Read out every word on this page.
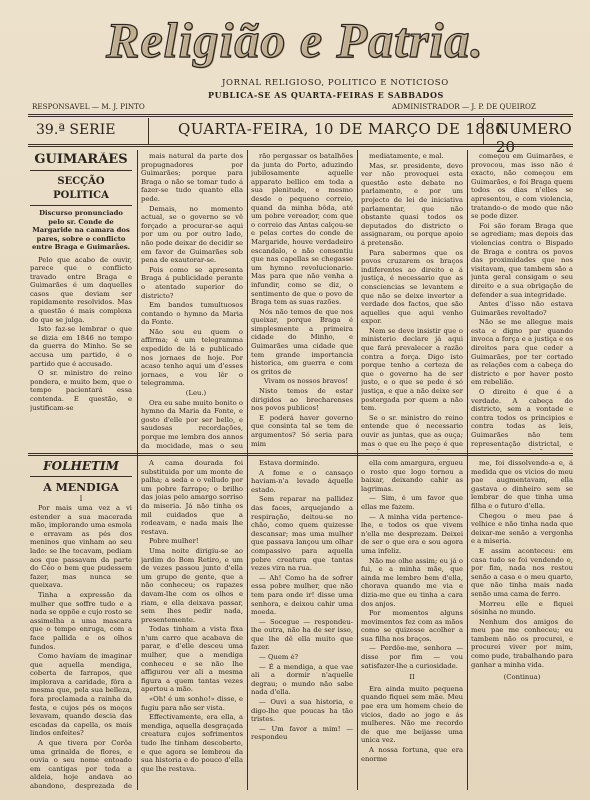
Religião e Patria.
JORNAL RELIGIOSO, POLITICO E NOTICIOSO
PUBLICA-SE AS QUARTA-FEIRAS E SABBADOS
RESPONSAVEL — M. J. PINTO	ADMINISTRADOR — J. P. DE QUEIROZ
39.ª SERIE	QUARTA-FEIRA, 10 DE MARÇO DE 1886
NUMERO 20
GUIMARÃES
SECÇÃO POLITICA
Discurso pronunciado pelo sr. Conde de Margaride na camara dos pares, sobre o conflicto entre Braga e Guimarães.

Pelo que acabo de ouvir, parece que o conflicto travado entre Braga e Guimarães é um daquelles casos que deviam ser rapidamente resolvidos. Mas a questão é mais complexa do que se julga.

Isto faz-se lembrar o que se dizia em 1846 no tempo da guerra do Minho. Se se accusa um partido, é o partido que é accusado.

O sr. ministro do reino pondera, e muito bem, que o tempo pacientará essa contenda. E questão, e justificam-se

mais natural da parte dos propugnadores por Guimarães; porque para Braga o não se tomar tudo á fazer-se tudo quanto ella pede.

Demais, no momento actual, se o governo se vê forçado a procurar-se aqui por um ou por outro lado, não pode deixar de decidir se em favor de Guimarães sob pena de exautorar-se.

Pois como se apresenta Braga á publicidade perante o atentado superior do districto?

Em bandos tumultuosos contando o hymno da Maria da Fonte.

Não sou eu quem o affirma; é um telegramma expedido de lá e publicado nos jornaes de hoje. Por acaso tenho aqui um d'esses jornaes, e vou lêr o telegramma.

(Leu.)

Ora eu sabe muito bonito o hymno da Maria da Fonte, e gosto d'elle por ser bello, e saudosas recordações, porque me lembra dos annos da mocidade, mas o seu

rão pergassar os batalhões da junta do Porto, aduzindo jubilosamente aquelle apparato bellico em toda a sua plenitude, e mesmo desde o pequeno correio, quand da minha bôda, até um pobre vereador, com que o correio das Antas calçou-se e pelas cortes do conde de Margaride, houve verdadeiro escandalo, e não consentiu que nas capellas se chegasse um hymno revolucionario. Mas para que não venha a infundir, como se diz, o sentimento de que o povo de Braga tem as suas razões.

Nós não temos de que nos queixar, porque Braga é simplesmente a primeira cidade do Minho, e Guimarães uma cidade que tem grande importancia historica, em guerra e com os gritos de

Vivam os nossos bravos!

Nisto temos de estar dirigidos ao brecharenses nos povos publicos!

E poderá haver governo que consinta tal se tem de argumentos? Só seria para mim

mediatamente, e mal.

Mas, sr. presidente, devo ver não provoquei esta questão este debate no parlamento, e por um projecto de lei de iniciativa parlamentar, que não obstante quasi todos os deputados do districto o assignaram, ou porque apoio á pretensão.

Para sabermos que os povos cruzarem os braços indiferentes ao direito e á justiça, é necessario que as consciencias se levantem e que não se deixe inverter a verdade dos factos, que são aquelles que aqui venho expor.

Nem se deve insistir que o ministerio declare já aqui que fará prevalecer a razão contra a força. Digo isto porque tenho a certeza de que o governo ha de ser justo, e o que se pede é só justiça, e que a não deixe ser postergada por quem a não tem.

Se o sr. ministro do reino entende que é necessario ouvir as juntas, que as ouça; mas o que eu lhe peço é que

começou em Guimarães, e provocou, mas isso não é exacto, não começou em Guimarães, e foi Braga quem todos os dias n'elles se apresentou, e com violencia, tratando-o de modo que não se pode dizer.

Foi são foram Braga que se agrediam; mas depois das violencias contra o Bispado de Braga e contra os povos das proximidades que nos visitavam, que tambem são a junta geral consigam o seu direito e a sua obrigação de defender a sua integridade.

Antes d'isso não estava Guimarães revoltado?

Não se me allegue mais esta e digno par quando invoca a força e a justiça e os direitos para que ceder a Guimarães, por ter cortado as relações com a cabeça do districto e por haver posto em rebelião.

O direito é que é a verdade. A cabeça do districto, sem a vontade e contra todos os principios e contra todas as leis, Guimarães não tem representação districtal, e

FOLHETIM
A MENDIGA
I

Por mais uma vez a vi estender a sua macerada mão, implorando uma esmola e erravam as pés dos meninos que vinham ao seu lado: se lhe tocavam, pediam aos que passavam da parte do Céo o bem que pudessem fazer, mas nunca se queixava.

Tinha a expressão da mulher que soffre tudo e a nada se oppõe e cujo rosto se assimelha a uma mascara que o tempo enruga, com a face pallida e os olhos fundos.

Como havíam de imaginar que aquella mendiga, coberta de farrapos, que implorava a caridade, fôra a mesma que, pela sua belleza, fora proclamada a rainha da festa, e cujos pés os moços levavam, quando descia das escadas da capella, os mais lindos enfeites?

A que tivera por Corôa uma grinalda de flores, e ouvia o seu nome entoado em cantigas por toda a aldeia, hoje andava ao abandono, desprezada de

A cama dourada foi substituida por um monte de palha; a seda e o velludo por um pobre farrapo; o brilho das joias pelo amargo sorriso da miseria. Já não tinha os mil cuidados que a rodeavam, e nada mais lhe restava.

Pobre mulher!

Uma noite dirigiu-se ao jardim do Bom Retiro, e um de vezes passou junto d'ella um grupo de gente, que a não conheceu; os rapazes davam-lhe com os olhos e riam, e ella deixava passar, sem lhes pedir nada, presentemente.

Todas tinham a vista fixa n'um carro que acabava de parar, e d'elle desceu uma mulher, que a mendiga conheceu e se não lhe affigurou ver ali a mesma figura a quem tantas vezes apertou a mão.

«Oh! é um sonho!» disse, e fugiu para não ser vista.

Effectivamente, era ella, a mendiga, aquella desgraçada creatura cujos sofrimentos tudo lhe tinham descoberto, e que agora se lembrou da sua historia e do pouco d'ella que lhe restava.

Estava dormindo.

A fome e o cansaço haviam-n'a levado áquelle estado.

Sem reparar na pallidez das faces, arquejando a respiração, deitou-se no chão, como quem quizesse descansar; mas uma mulher que passava lançou um olhar compassivo para aquella pobre creatura que tantas vezes vira na rua.

— Ah! Como ha de sofrer essa pobre mulher, que não tem para onde ir! disse uma senhora, e deixou cahir uma moeda.

— Socegue — respondeu-lhe outra, não ha de ser isso, que lhe dê ella muito que fazer.

— Quem é?

— É a mendiga, a que vae ali a dormir n'aquelle degrau; o mundo não sabe nada d'ella.

— Ouvi a sua historia, e digo-lhe que poucas ha tão tristes.

— Um favor a mim! — respondeu

ella com amargura, ergueu o rosto que logo tornou a baixar, deixando cahir as lagrimas.

— Sim, é um favor que ellas me fazem.

— A minha vida pertence-lhe, e todos os que vivem n'ella me desprezam. Deixei de ser o que era e sou agora uma infeliz.

Não me olhe assim; eu já o fui, e a minha mãe, que ainda me lembro bem d'ella, chorava quando me via e dizia-me que eu tinha a cara dos anjos.

Por momentos alguns movimentos fez com as mãos como se quizesse acolher a sua filha nos braços.

— Perdôe-me, senhora — disse por fim — vou satisfazer-lhe a curiosidade.

II

Era ainda muito pequena quando fiquei sem mãe. Meu pae era um homem cheio de vicios, dado ao jogo e ás mulheres. Não me recordo de que me beijasse uma unica vez.

A nossa fortuna, que era enorme

me, foi dissolvendo-a e, á medida que os vicios do meu pae augmentavam, ella gastava o dinheiro sem se lembrar de que tinha uma filha e o futuro d'ella.

Chegou o meu pae á velhice e não tinha nada que deixar-me senão a vergonha e a miseria.

E assim aconteceu: em casa tudo se foi vendendo e, por fim, nada nos restou senão a casa e o meu quarto, que não tinha mais nada senão uma cama de ferro.

Morreu elle e fiquei sósinha no mundo.

Nenhum dos amigos de meu pae me conheceu; eu tambem não os procurei, e procurei viver por mim, como pude, trabalhando para ganhar a minha vida.

(Continua)
